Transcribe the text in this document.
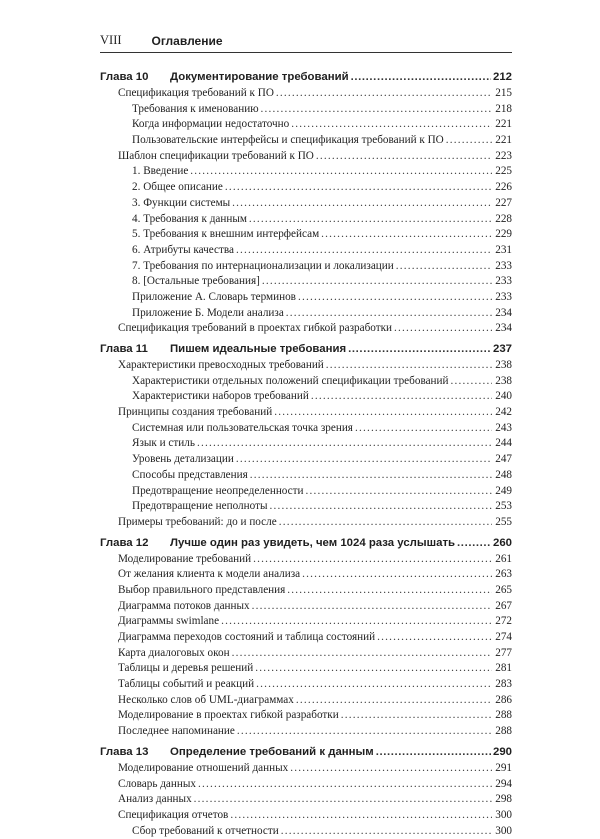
VIII	Оглавление
Глава 10	Документирование требований .....	212
Спецификация требований к ПО .....	215
Требования к именованию .....	218
Когда информации недостаточно .....	221
Пользовательские интерфейсы и спецификация требований к ПО .....	221
Шаблон спецификации требований к ПО .....	223
1. Введение .....	225
2. Общее описание .....	226
3. Функции системы .....	227
4. Требования к данным .....	228
5. Требования к внешним интерфейсам .....	229
6. Атрибуты качества .....	231
7. Требования по интернационализации и локализации .....	233
8. [Остальные требования] .....	233
Приложение А. Словарь терминов .....	233
Приложение Б. Модели анализа .....	234
Спецификация требований в проектах гибкой разработки .....	234
Глава 11	Пишем идеальные требования .....	237
Характеристики превосходных требований .....	238
Характеристики отдельных положений спецификации требований .....	238
Характеристики наборов требований .....	240
Принципы создания требований .....	242
Системная или пользовательская точка зрения .....	243
Язык и стиль .....	244
Уровень детализации .....	247
Способы представления .....	248
Предотвращение неопределенности .....	249
Предотвращение неполноты .....	253
Примеры требований: до и после .....	255
Глава 12	Лучше один раз увидеть, чем 1024 раза услышать .....	260
Моделирование требований .....	261
От желания клиента к модели анализа .....	263
Выбор правильного представления .....	265
Диаграмма потоков данных .....	267
Диаграммы swimlane .....	272
Диаграмма переходов состояний и таблица состояний .....	274
Карта диалоговых окон .....	277
Таблицы и деревья решений .....	281
Таблицы событий и реакций .....	283
Несколько слов об UML-диаграммах .....	286
Моделирование в проектах гибкой разработки .....	288
Последнее напоминание .....	288
Глава 13	Определение требований к данным .....	290
Моделирование отношений данных .....	291
Словарь данных .....	294
Анализ данных .....	298
Спецификация отчетов .....	300
Сбор требований к отчетности .....	300
